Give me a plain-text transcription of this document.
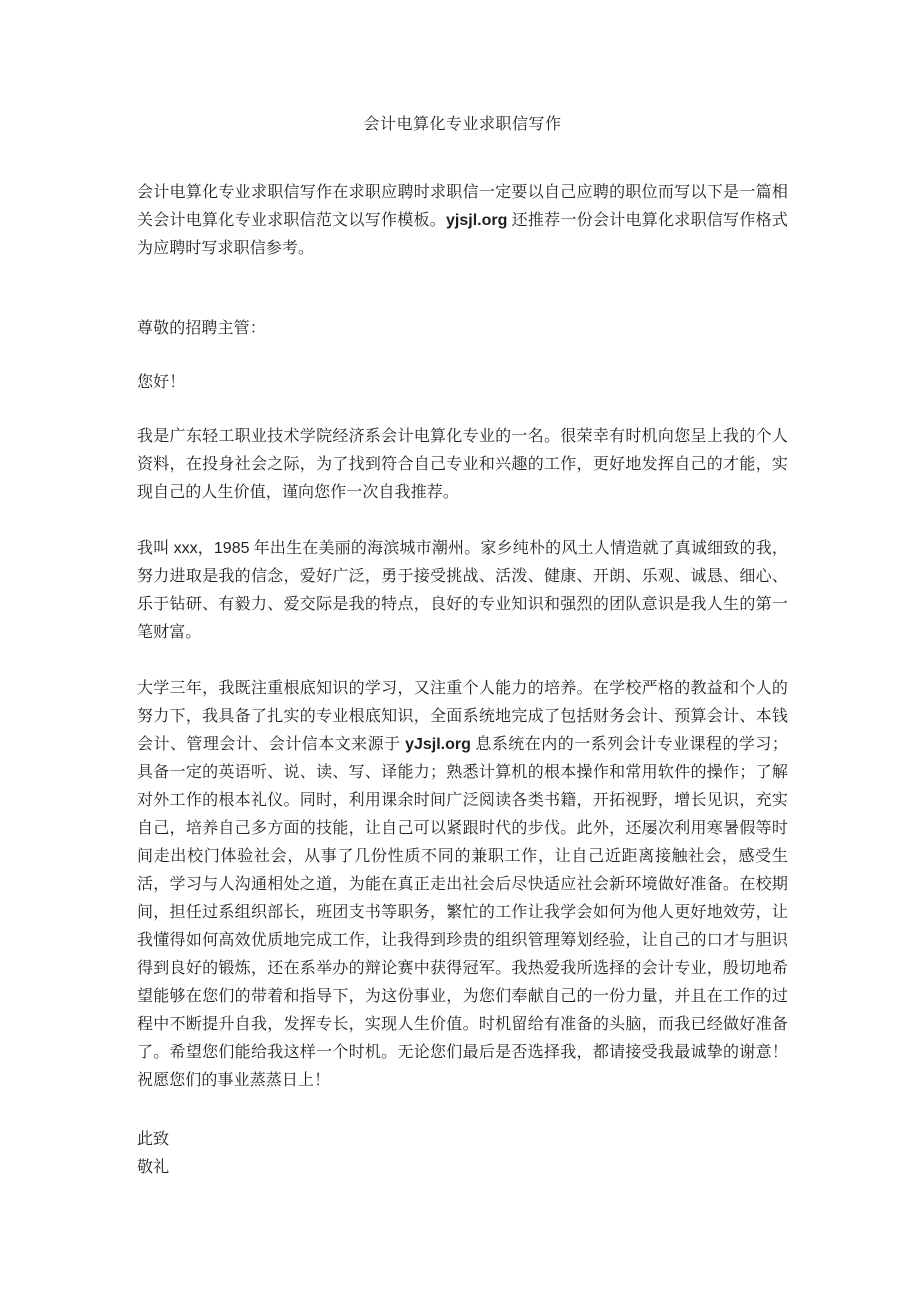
会计电算化专业求职信写作

会计电算化专业求职信写作在求职应聘时求职信一定要以自己应聘的职位而写以下是一篇相关会计电算化专业求职信范文以写作模板。yjsjl.org 还推荐一份会计电算化求职信写作格式为应聘时写求职信参考。

尊敬的招聘主管：

您好！

我是广东轻工职业技术学院经济系会计电算化专业的一名。很荣幸有时机向您呈上我的个人资料，在投身社会之际，为了找到符合自己专业和兴趣的工作，更好地发挥自己的才能，实现自己的人生价值，谨向您作一次自我推荐。

我叫 xxx，1985 年出生在美丽的海滨城市潮州。家乡纯朴的风土人情造就了真诚细致的我，努力进取是我的信念，爱好广泛，勇于接受挑战、活泼、健康、开朗、乐观、诚恳、细心、乐于钻研、有毅力、爱交际是我的特点，良好的专业知识和强烈的团队意识是我人生的第一笔财富。

大学三年，我既注重根底知识的学习，又注重个人能力的培养。在学校严格的教益和个人的努力下，我具备了扎实的专业根底知识，全面系统地完成了包括财务会计、预算会计、本钱会计、管理会计、会计信本文来源于 yJsjl.org 息系统在内的一系列会计专业课程的学习；具备一定的英语听、说、读、写、译能力；熟悉计算机的根本操作和常用软件的操作；了解对外工作的根本礼仪。同时，利用课余时间广泛阅读各类书籍，开拓视野，增长见识，充实自己，培养自己多方面的技能，让自己可以紧跟时代的步伐。此外，还屡次利用寒暑假等时间走出校门体验社会，从事了几份性质不同的兼职工作，让自己近距离接触社会，感受生活，学习与人沟通相处之道，为能在真正走出社会后尽快适应社会新环境做好准备。在校期间，担任过系组织部长，班团支书等职务，繁忙的工作让我学会如何为他人更好地效劳，让我懂得如何高效优质地完成工作，让我得到珍贵的组织管理筹划经验，让自己的口才与胆识得到良好的锻炼，还在系举办的辩论赛中获得冠军。我热爱我所选择的会计专业，殷切地希望能够在您们的带着和指导下，为这份事业，为您们奉献自己的一份力量，并且在工作的过程中不断提升自我，发挥专长，实现人生价值。时机留给有准备的头脑，而我已经做好准备了。希望您们能给我这样一个时机。无论您们最后是否选择我，都请接受我最诚挚的谢意！祝愿您们的事业蒸蒸日上！

此致

敬礼
